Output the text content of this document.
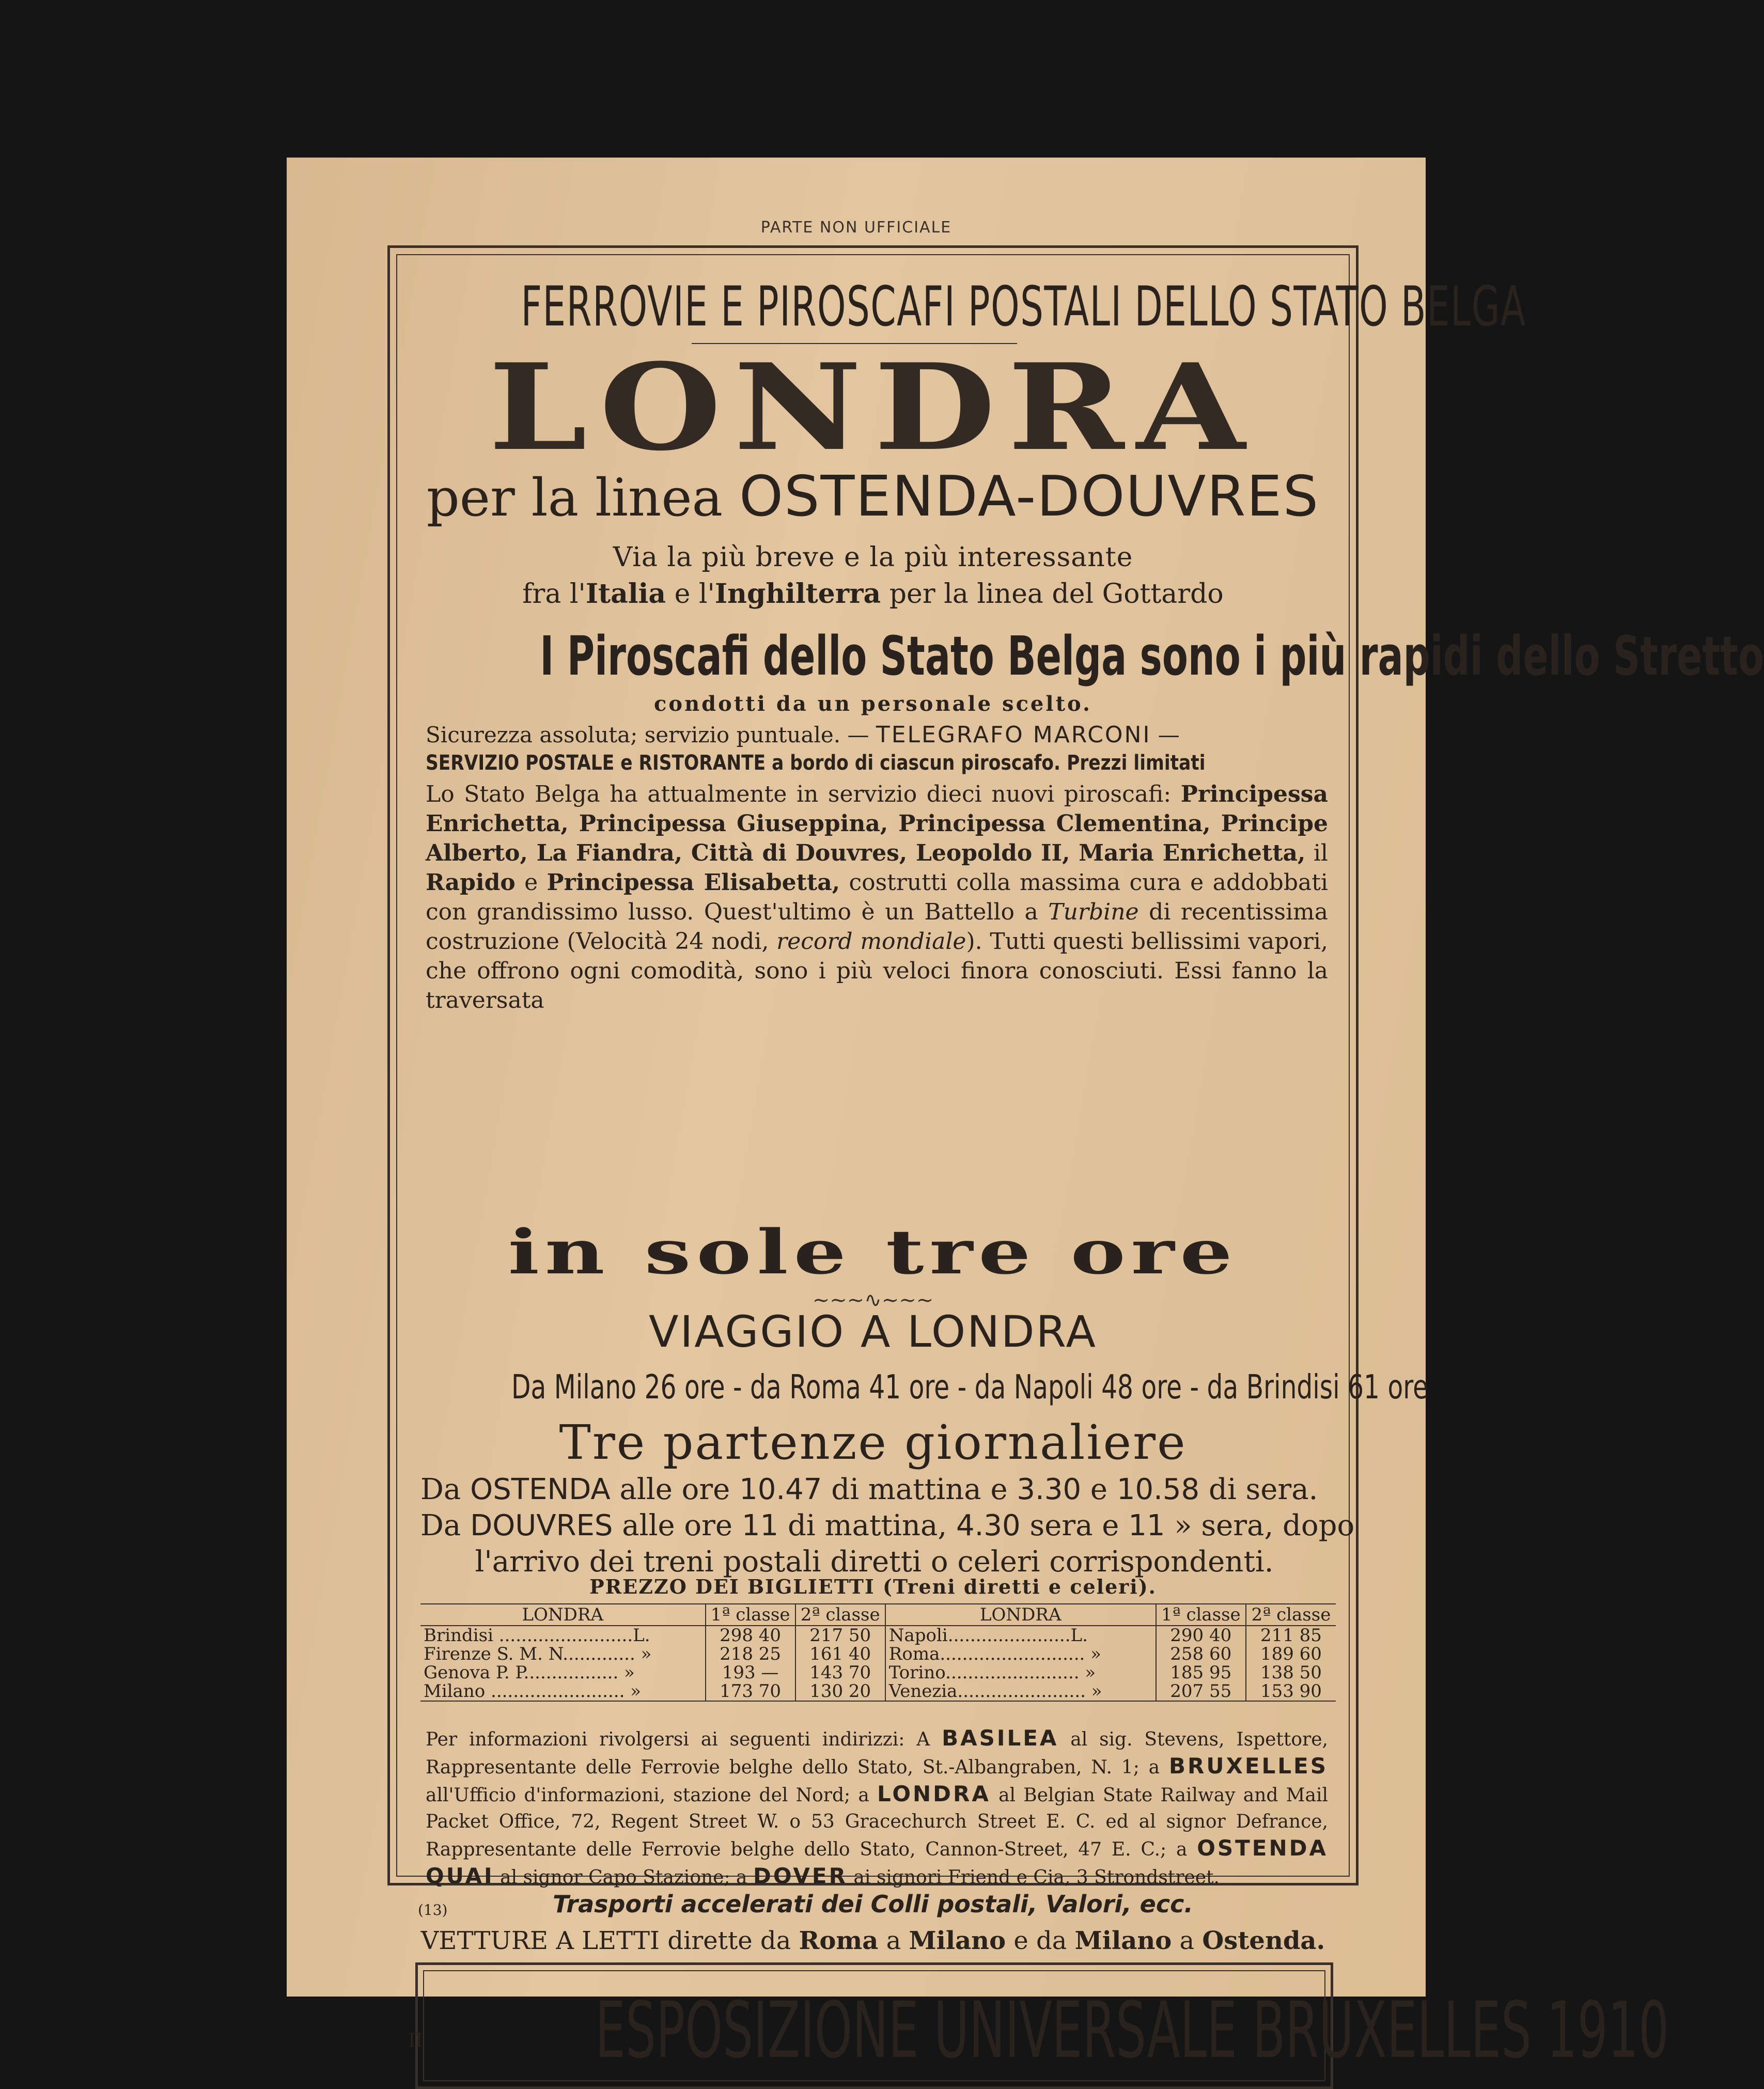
PARTE NON UFFICIALE
FERROVIE E PIROSCAFI POSTALI DELLO STATO BELGA
LONDRA
per la linea OSTENDA-DOUVRES
Via la più breve e la più interessante
fra l'Italia e l'Inghilterra per la linea del Gottardo
I Piroscafi dello Stato Belga sono i più rapidi dello Stretto
condotti da un personale scelto.
Sicurezza assoluta; servizio puntuale. — TELEGRAFO MARCONI —
SERVIZIO POSTALE e RISTORANTE a bordo di ciascun piroscafo. Prezzi limitati
Lo Stato Belga ha attualmente in servizio dieci nuovi piroscafi: Principessa Enrichetta, Principessa Giuseppina, Principessa Clementina, Principe Alberto, La Fiandra, Città di Douvres, Leopoldo II, Maria Enrichetta, il Rapido e Principessa Elisabetta, costrutti colla massima cura e addobbati con grandissimo lusso. Quest'ultimo è un Battello a Turbine di recentissima costruzione (Velocità 24 nodi, record mondiale). Tutti questi bellissimi vapori, che offrono ogni comodità, sono i più veloci finora conosciuti. Essi fanno la traversata
in sole tre ore
~~~∿~~~
VIAGGIO A LONDRA
Da Milano 26 ore - da Roma 41 ore - da Napoli 48 ore - da Brindisi 61 ore
Tre partenze giornaliere
Da OSTENDA alle ore 10.47 di mattina e 3.30 e 10.58 di sera.
Da DOUVRES alle ore 11 di mattina, 4.30 sera e 11 » sera, dopo
l'arrivo dei treni postali diretti o celeri corrispondenti.
PREZZO DEI BIGLIETTI (Treni diretti e celeri).
LONDRA	1ª classe	2ª classe	LONDRA	1ª classe	2ª classe
Brindisi ........................L.	298 40	217 50	Napoli......................L.	290 40	211 85
Firenze S. M. N............. »	218 25	161 40	Roma.......................... »	258 60	189 60
Genova P. P................. »	193 —	143 70	Torino........................ »	185 95	138 50
Milano ........................ »	173 70	130 20	Venezia....................... »	207 55	153 90
Per informazioni rivolgersi ai seguenti indirizzi: A BASILEA al sig. Stevens, Ispettore, Rappresentante delle Ferrovie belghe dello Stato, St.-Albangraben, N. 1; a BRUXELLES all'Ufficio d'informazioni, stazione del Nord; a LONDRA al Belgian State Railway and Mail Packet Office, 72, Regent Street W. o 53 Gracechurch Street E. C. ed al signor Defrance, Rappresentante delle Ferrovie belghe dello Stato, Cannon-Street, 47 E. C.; a OSTENDA QUAI al signor Capo Stazione; a DOVER ai signori Friend e Cia, 3 Strondstreet.
(13)	Trasporti accelerati dei Colli postali, Valori, ecc.
VETTURE A LETTI dirette da Roma a Milano e da Milano a Ostenda.
ESPOSIZIONE UNIVERSALE BRUXELLES 1910
II
